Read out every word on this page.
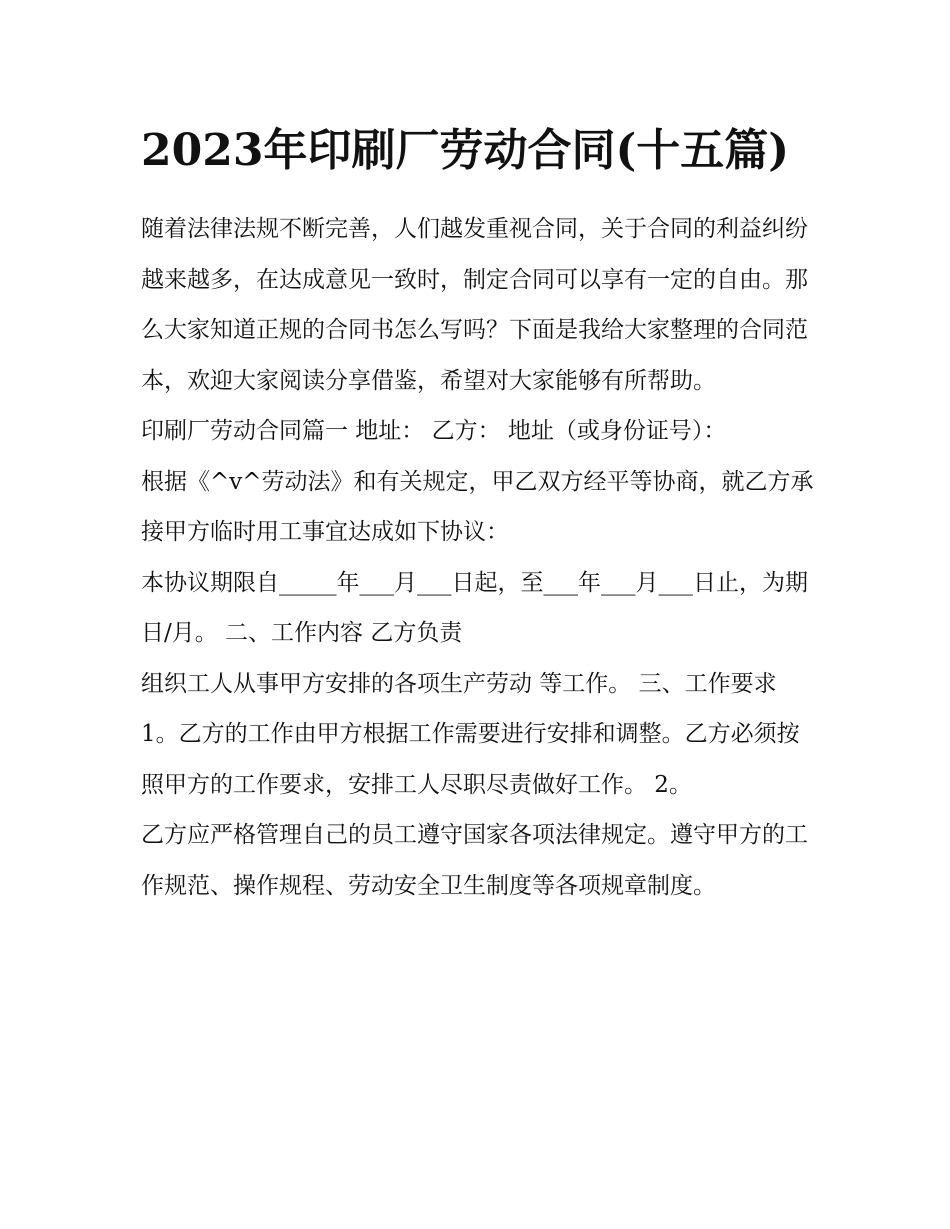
2023年印刷厂劳动合同(十五篇)

随着法律法规不断完善，人们越发重视合同，关于合同的利益纠纷越来越多，在达成意见一致时，制定合同可以享有一定的自由。那么大家知道正规的合同书怎么写吗？下面是我给大家整理的合同范本，欢迎大家阅读分享借鉴，希望对大家能够有所帮助。

印刷厂劳动合同篇一 地址： 乙方： 地址（或身份证号）：

根据《^v^劳动法》和有关规定，甲乙双方经平等协商，就乙方承接甲方临时用工事宜达成如下协议：

本协议期限自_____年___月___日起，至___年___月___日止，为期 日/月。 二、工作内容 乙方负责

组织工人从事甲方安排的各项生产劳动 等工作。 三、工作要求

1。乙方的工作由甲方根据工作需要进行安排和调整。乙方必须按照甲方的工作要求，安排工人尽职尽责做好工作。 2。

乙方应严格管理自己的员工遵守国家各项法律规定。遵守甲方的工作规范、操作规程、劳动安全卫生制度等各项规章制度。
